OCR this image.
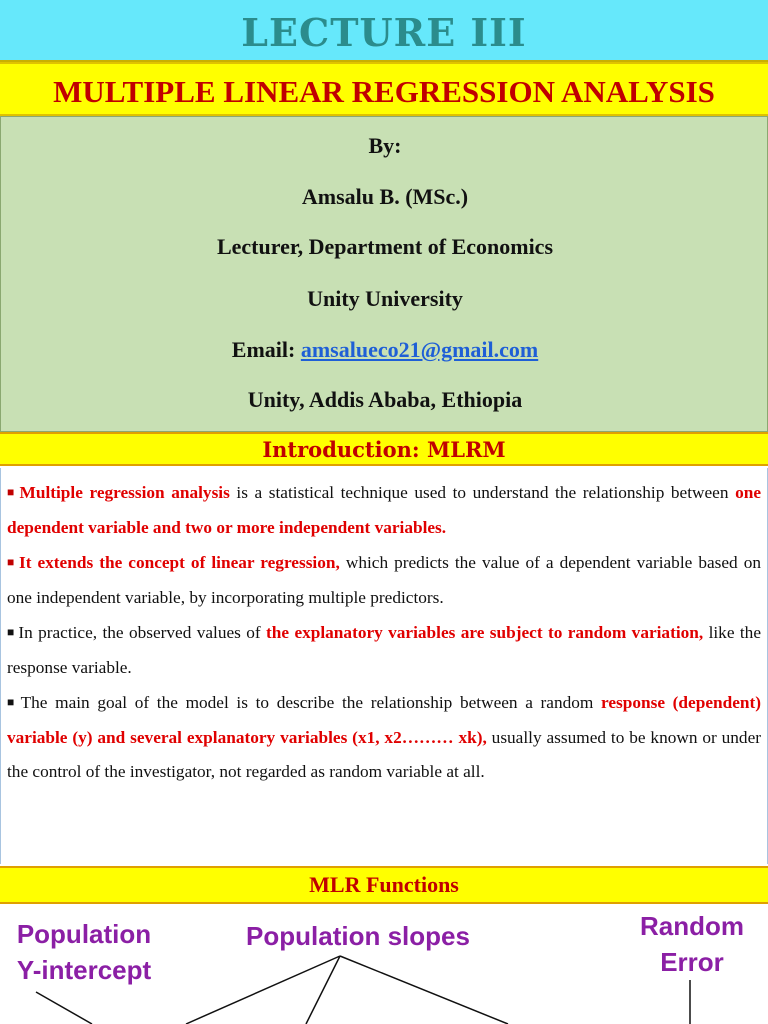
LECTURE III
MULTIPLE LINEAR REGRESSION ANALYSIS
By:
Amsalu B. (MSc.)
Lecturer, Department of Economics
Unity University
Email: amsalueco21@gmail.com
Unity, Addis Ababa, Ethiopia
Introduction: MLRM

■ Multiple regression analysis is a statistical technique used to understand the relationship between one dependent variable and two or more independent variables.

■ It extends the concept of linear regression, which predicts the value of a dependent variable based on one independent variable, by incorporating multiple predictors.

■ In practice, the observed values of the explanatory variables are subject to random variation, like the response variable.

■ The main goal of the model is to describe the relationship between a random response (dependent) variable (y) and several explanatory variables (x1, x2……… xk), usually assumed to be known or under the control of the investigator, not regarded as random variable at all.

MLR Functions
Population
Y-intercept
Population slopes	Random
Error
